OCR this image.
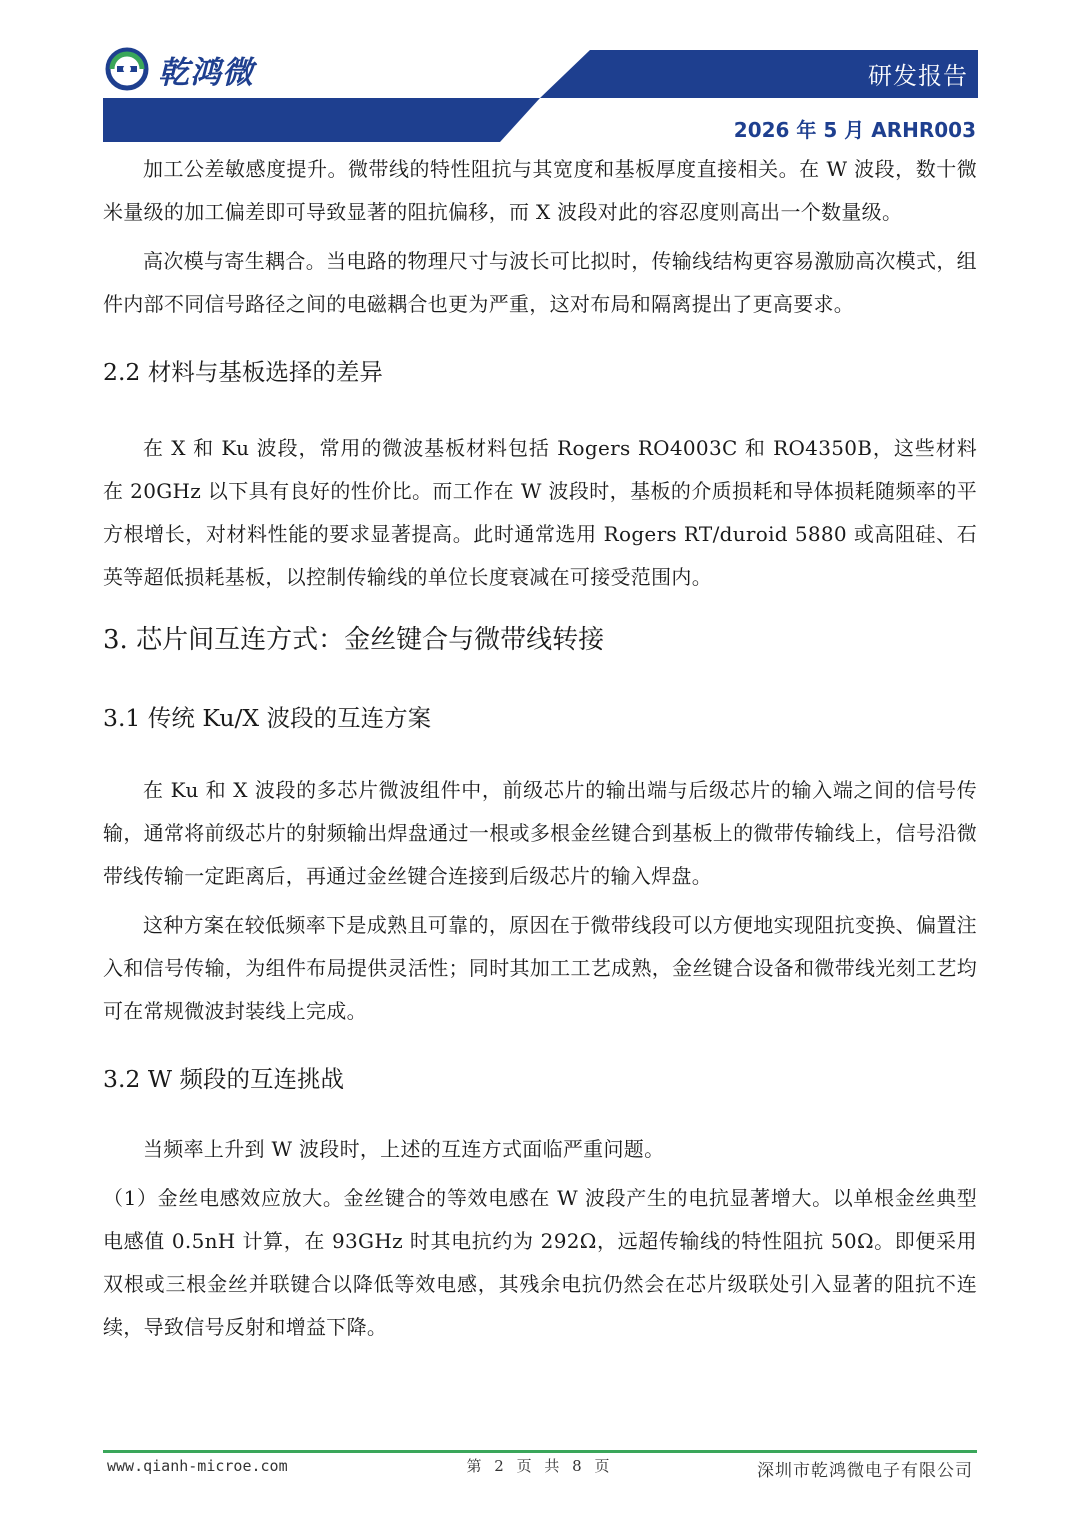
乾鸿微	研发报告
2026 年 5 月 ARHR003

加工公差敏感度提升。微带线的特性阻抗与其宽度和基板厚度直接相关。在 W 波段，数十微米量级的加工偏差即可导致显著的阻抗偏移，而 X 波段对此的容忍度则高出一个数量级。

高次模与寄生耦合。当电路的物理尺寸与波长可比拟时，传输线结构更容易激励高次模式，组件内部不同信号路径之间的电磁耦合也更为严重，这对布局和隔离提出了更高要求。

2.2 材料与基板选择的差异

在 X 和 Ku 波段，常用的微波基板材料包括 Rogers RO4003C 和 RO4350B，这些材料在 20GHz 以下具有良好的性价比。而工作在 W 波段时，基板的介质损耗和导体损耗随频率的平方根增长，对材料性能的要求显著提高。此时通常选用 Rogers RT/duroid 5880 或高阻硅、石英等超低损耗基板，以控制传输线的单位长度衰减在可接受范围内。

3. 芯片间互连方式：金丝键合与微带线转接
3.1 传统 Ku/X 波段的互连方案

在 Ku 和 X 波段的多芯片微波组件中，前级芯片的输出端与后级芯片的输入端之间的信号传输，通常将前级芯片的射频输出焊盘通过一根或多根金丝键合到基板上的微带传输线上，信号沿微带线传输一定距离后，再通过金丝键合连接到后级芯片的输入焊盘。

这种方案在较低频率下是成熟且可靠的，原因在于微带线段可以方便地实现阻抗变换、偏置注入和信号传输，为组件布局提供灵活性；同时其加工工艺成熟，金丝键合设备和微带线光刻工艺均可在常规微波封装线上完成。

3.2 W 频段的互连挑战

当频率上升到 W 波段时，上述的互连方式面临严重问题。

（1）金丝电感效应放大。金丝键合的等效电感在 W 波段产生的电抗显著增大。以单根金丝典型电感值 0.5nH 计算，在 93GHz 时其电抗约为 292Ω，远超传输线的特性阻抗 50Ω。即便采用双根或三根金丝并联键合以降低等效电感，其残余电抗仍然会在芯片级联处引入显著的阻抗不连续，导致信号反射和增益下降。

www.qianh-microe.com	第 2 页 共 8 页	深圳市乾鸿微电子有限公司
